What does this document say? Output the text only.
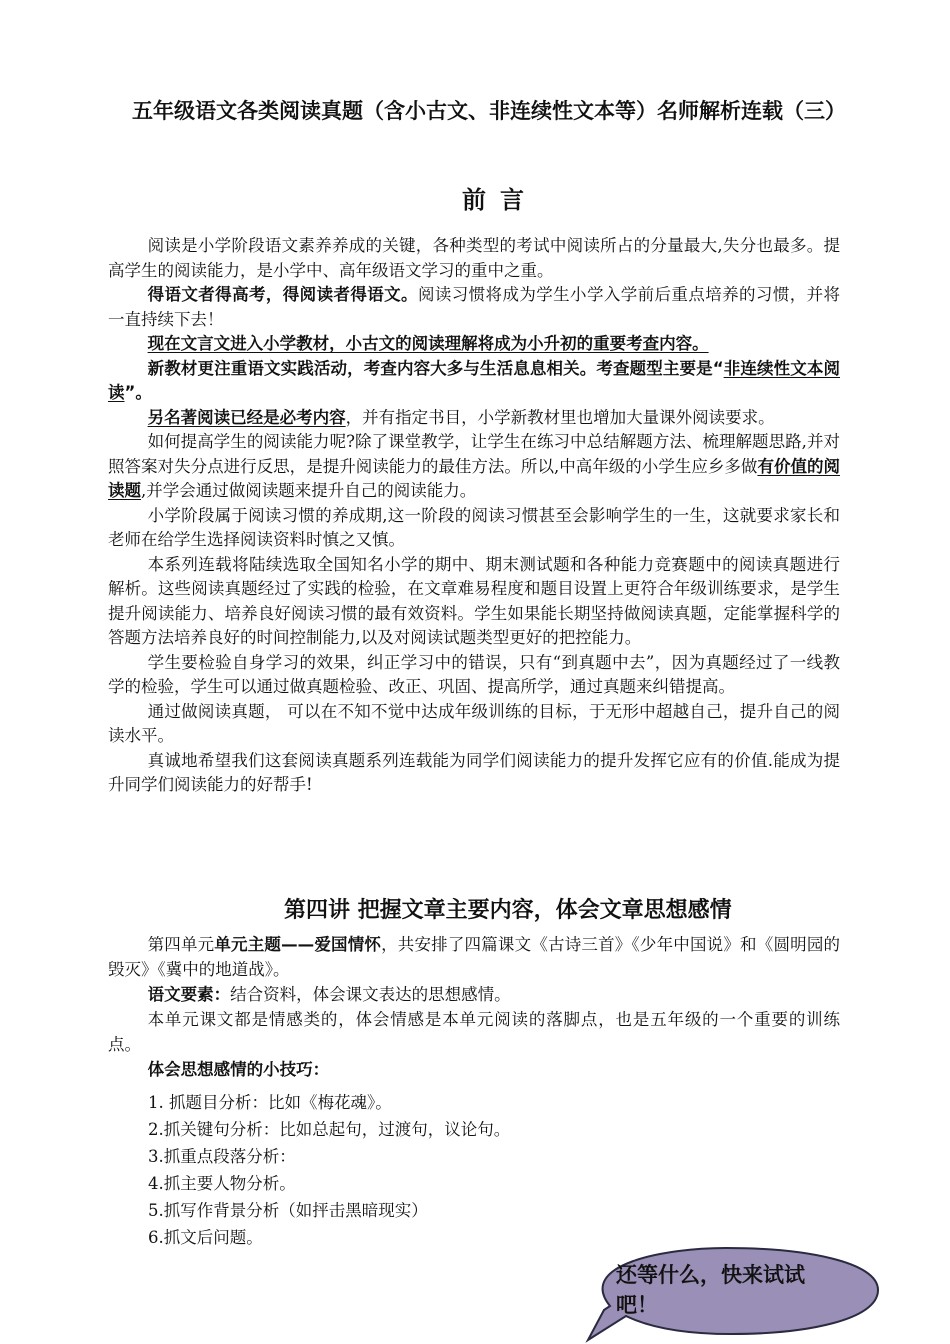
五年级语文各类阅读真题（含小古文、非连续性文本等）名师解析连载（三）
前言

阅读是小学阶段语文素养养成的关键，各种类型的考试中阅读所占的分量最大,失分也最多。提高学生的阅读能力，是小学中、高年级语文学习的重中之重。

得语文者得高考，得阅读者得语文。阅读习惯将成为学生小学入学前后重点培养的习惯，并将一直持续下去！

现在文言文进入小学教材，小古文的阅读理解将成为小升初的重要考查内容。

新教材更注重语文实践活动，考查内容大多与生活息息相关。考查题型主要是“非连续性文本阅读”。

另名著阅读已经是必考内容，并有指定书目，小学新教材里也增加大量课外阅读要求。

如何提高学生的阅读能力呢?除了课堂教学，让学生在练习中总结解题方法、梳理解题思路,并对照答案对失分点进行反思，是提升阅读能力的最佳方法。所以,中高年级的小学生应乡多做有价值的阅读题,并学会通过做阅读题来提升自己的阅读能力。

小学阶段属于阅读习惯的养成期,这一阶段的阅读习惯甚至会影响学生的一生，这就要求家长和老师在给学生选择阅读资料时慎之又慎。

本系列连载将陆续选取全国知名小学的期中、期末测试题和各种能力竞赛题中的阅读真题进行解析。这些阅读真题经过了实践的检验，在文章难易程度和题目设置上更符合年级训练要求，是学生提升阅读能力、培养良好阅读习惯的最有效资料。学生如果能长期坚持做阅读真题，定能掌握科学的答题方法培养良好的时间控制能力,以及对阅读试题类型更好的把控能力。

学生要检验自身学习的效果，纠正学习中的错误，只有“到真题中去”，因为真题经过了一线教学的检验，学生可以通过做真题检验、改正、巩固、提高所学，通过真题来纠错提高。

通过做阅读真题， 可以在不知不觉中达成年级训练的目标，于无形中超越自己，提升自己的阅读水平。

真诚地希望我们这套阅读真题系列连载能为同学们阅读能力的提升发挥它应有的价值.能成为提升同学们阅读能力的好帮手!

第四讲 把握文章主要内容，体会文章思想感情

第四单元单元主题——爱国情怀，共安排了四篇课文《古诗三首》《少年中国说》和《圆明园的毁灭》《冀中的地道战》。

语文要素：结合资料，体会课文表达的思想感情。

本单元课文都是情感类的，体会情感是本单元阅读的落脚点，也是五年级的一个重要的训练点。

体会思想感情的小技巧：

1. 抓题目分析：比如《梅花魂》。
2.抓关键句分析：比如总起句，过渡句，议论句。
3.抓重点段落分析：
4.抓主要人物分析。
5.抓写作背景分析（如抨击黑暗现实）
6.抓文后问题。
还等什么，快来试试吧！
